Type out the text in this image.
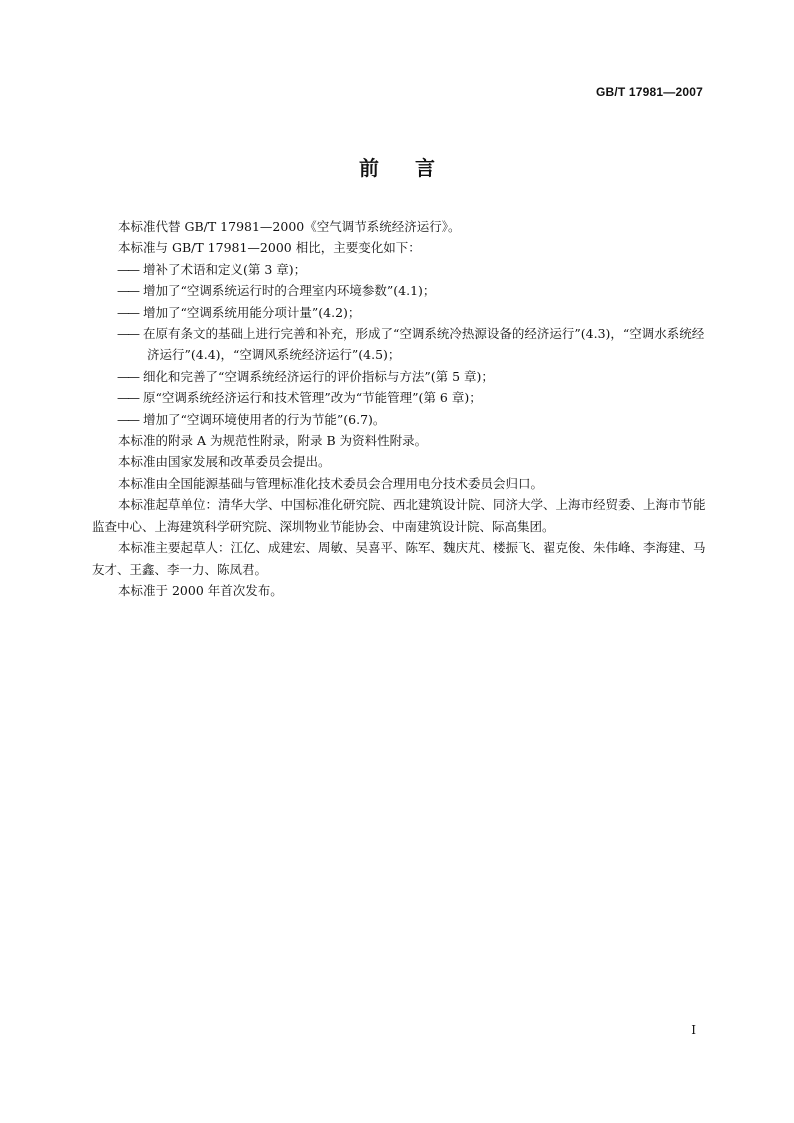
GB/T 17981—2007
前言

本标准代替 GB/T 17981—2000《空气调节系统经济运行》。

本标准与 GB/T 17981—2000 相比，主要变化如下：

—— 增补了术语和定义(第 3 章)；

—— 增加了“空调系统运行时的合理室内环境参数”(4.1)；

—— 增加了“空调系统用能分项计量”(4.2)；

—— 在原有条文的基础上进行完善和补充，形成了“空调系统冷热源设备的经济运行”(4.3)，“空调水系统经济运行”(4.4)，“空调风系统经济运行”(4.5)；

—— 细化和完善了“空调系统经济运行的评价指标与方法”(第 5 章)；

—— 原“空调系统经济运行和技术管理”改为“节能管理”(第 6 章)；

—— 增加了“空调环境使用者的行为节能”(6.7)。

本标准的附录 A 为规范性附录，附录 B 为资料性附录。

本标准由国家发展和改革委员会提出。

本标准由全国能源基础与管理标准化技术委员会合理用电分技术委员会归口。

本标准起草单位：清华大学、中国标准化研究院、西北建筑设计院、同济大学、上海市经贸委、上海市节能监查中心、上海建筑科学研究院、深圳物业节能协会、中南建筑设计院、际高集团。

本标准主要起草人：江亿、成建宏、周敏、吴喜平、陈军、魏庆芃、楼振飞、翟克俊、朱伟峰、李海建、马友才、王鑫、李一力、陈凤君。

本标准于 2000 年首次发布。

I
